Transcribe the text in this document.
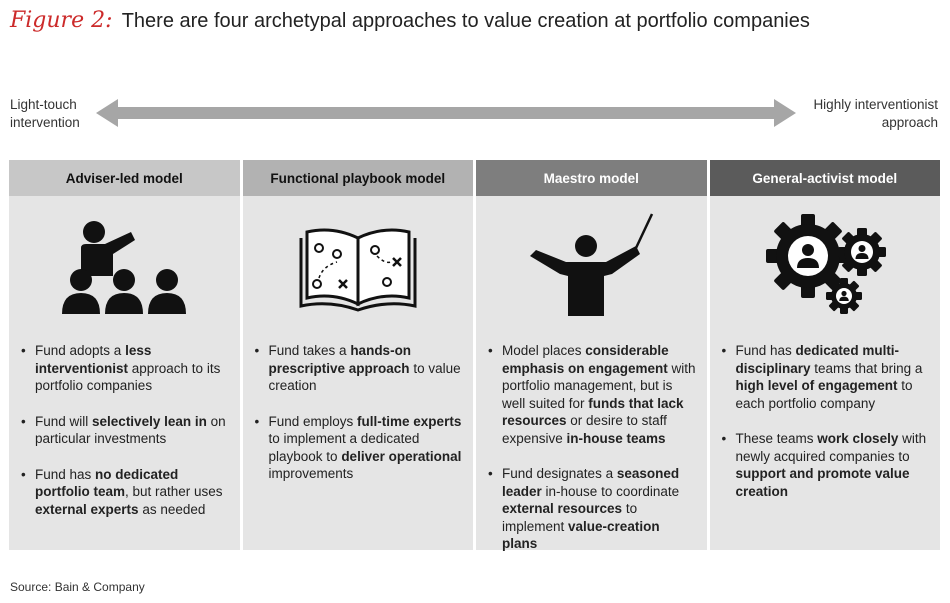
Figure 2: There are four archetypal approaches to value creation at portfolio companies
Light-touch
intervention
Highly interventionist
approach
Adviser-led model
• Fund adopts a less interventionist approach to its portfolio companies
• Fund will selectively lean in on particular investments
• Fund has no dedicated portfolio team, but rather uses external experts as needed
Functional playbook model
• Fund takes a hands-on prescriptive approach to value creation
• Fund employs full-time experts to implement a dedicated playbook to deliver operational improvements
Maestro model
• Model places considerable emphasis on engagement with portfolio management, but is well suited for funds that lack resources or desire to staff expensive in-house teams
• Fund designates a seasoned leader in-house to coordinate external resources to implement value-creation plans
General-activist model
• Fund has dedicated multi-disciplinary teams that bring a high level of engagement to each portfolio company
• These teams work closely with newly acquired companies to support and promote value creation
Source: Bain & Company
